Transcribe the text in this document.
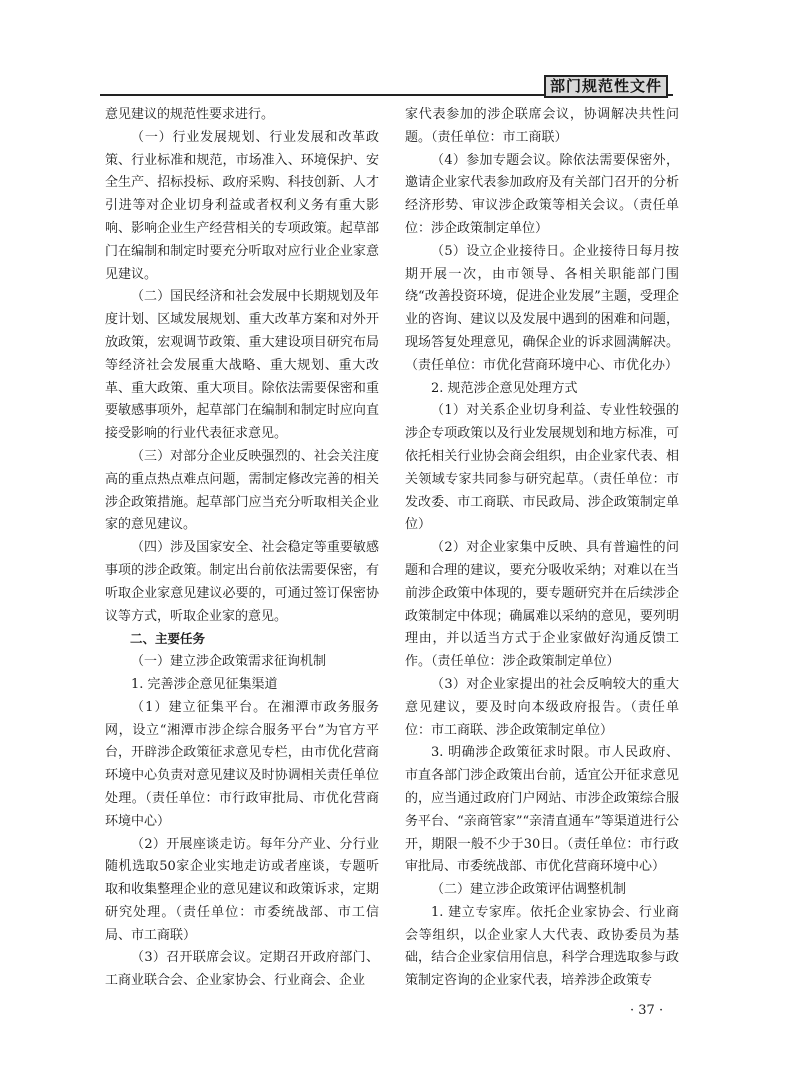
部门规范性文件

意见建议的规范性要求进行。

（一）行业发展规划、行业发展和改革政策、行业标准和规范，市场准入、环境保护、安全生产、招标投标、政府采购、科技创新、人才引进等对企业切身利益或者权利义务有重大影响、影响企业生产经营相关的专项政策。起草部门在编制和制定时要充分听取对应行业企业家意见建议。

（二）国民经济和社会发展中长期规划及年度计划、区域发展规划、重大改革方案和对外开放政策，宏观调节政策、重大建设项目研究布局等经济社会发展重大战略、重大规划、重大改革、重大政策、重大项目。除依法需要保密和重要敏感事项外，起草部门在编制和制定时应向直接受影响的行业代表征求意见。

（三）对部分企业反映强烈的、社会关注度高的重点热点难点问题，需制定修改完善的相关涉企政策措施。起草部门应当充分听取相关企业家的意见建议。

（四）涉及国家安全、社会稳定等重要敏感事项的涉企政策。制定出台前依法需要保密，有听取企业家意见建议必要的，可通过签订保密协议等方式，听取企业家的意见。

二、主要任务

（一）建立涉企政策需求征询机制

1. 完善涉企意见征集渠道

（1）建立征集平台。在湘潭市政务服务网，设立“湘潭市涉企综合服务平台”为官方平台，开辟涉企政策征求意见专栏，由市优化营商环境中心负责对意见建议及时协调相关责任单位处理。（责任单位：市行政审批局、市优化营商环境中心）

（2）开展座谈走访。每年分产业、分行业随机选取50家企业实地走访或者座谈，专题听取和收集整理企业的意见建议和政策诉求，定期研究处理。（责任单位：市委统战部、市工信局、市工商联）

（3）召开联席会议。定期召开政府部门、工商业联合会、企业家协会、行业商会、企业

家代表参加的涉企联席会议，协调解决共性问题。（责任单位：市工商联）

（4）参加专题会议。除依法需要保密外，邀请企业家代表参加政府及有关部门召开的分析经济形势、审议涉企政策等相关会议。（责任单位：涉企政策制定单位）

（5）设立企业接待日。企业接待日每月按期开展一次，由市领导、各相关职能部门围绕“改善投资环境，促进企业发展”主题，受理企业的咨询、建议以及发展中遇到的困难和问题，现场答复处理意见，确保企业的诉求圆满解决。（责任单位：市优化营商环境中心、市优化办）

2. 规范涉企意见处理方式

（1）对关系企业切身利益、专业性较强的涉企专项政策以及行业发展规划和地方标准，可依托相关行业协会商会组织，由企业家代表、相关领域专家共同参与研究起草。（责任单位：市发改委、市工商联、市民政局、涉企政策制定单位）

（2）对企业家集中反映、具有普遍性的问题和合理的建议，要充分吸收采纳；对难以在当前涉企政策中体现的，要专题研究并在后续涉企政策制定中体现；确属难以采纳的意见，要列明理由，并以适当方式于企业家做好沟通反馈工作。（责任单位：涉企政策制定单位）

（3）对企业家提出的社会反响较大的重大意见建议，要及时向本级政府报告。（责任单位：市工商联、涉企政策制定单位）

3. 明确涉企政策征求时限。市人民政府、市直各部门涉企政策出台前，适宜公开征求意见的，应当通过政府门户网站、市涉企政策综合服务平台、“亲商管家”“亲清直通车”等渠道进行公开，期限一般不少于30日。（责任单位：市行政审批局、市委统战部、市优化营商环境中心）

（二）建立涉企政策评估调整机制

1. 建立专家库。依托企业家协会、行业商会等组织，以企业家人大代表、政协委员为基础，结合企业家信用信息，科学合理选取参与政策制定咨询的企业家代表，培养涉企政策专

· 37 ·
